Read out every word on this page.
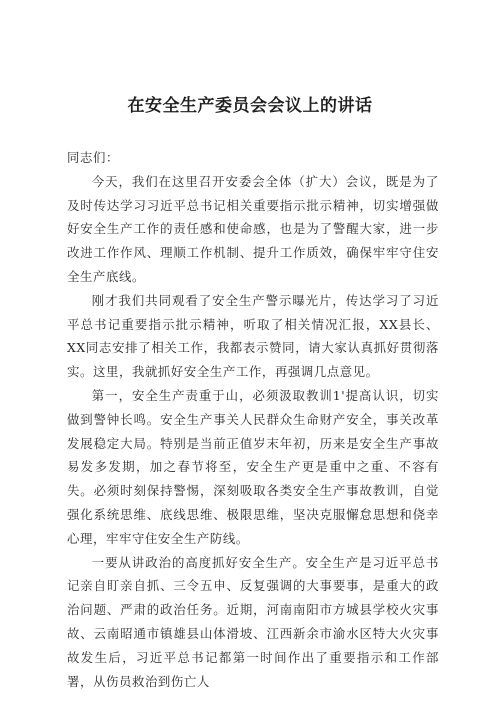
在安全生产委员会会议上的讲话

同志们：

今天，我们在这里召开安委会全体（扩大）会议，既是为了及时传达学习习近平总书记相关重要指示批示精神，切实增强做好安全生产工作的责任感和使命感，也是为了警醒大家，进一步改进工作作风、理顺工作机制、提升工作质效，确保牢牢守住安全生产底线。

刚才我们共同观看了安全生产警示曝光片，传达学习了习近平总书记重要指示批示精神，听取了相关情况汇报，XX县长、XX同志安排了相关工作，我都表示赞同，请大家认真抓好贯彻落实。这里，我就抓好安全生产工作，再强调几点意见。

第一，安全生产责重于山，必须汲取教训1'提高认识，切实做到警钟长鸣。安全生产事关人民群众生命财产安全，事关改革发展稳定大局。特别是当前正值岁末年初，历来是安全生产事故易发多发期，加之春节将至，安全生产更是重中之重、不容有失。必须时刻保持警惕，深刻吸取各类安全生产事故教训，自觉强化系统思维、底线思维、极限思维，坚决克服懈怠思想和侥幸心理，牢牢守住安全生产防线。

一要从讲政治的高度抓好安全生产。安全生产是习近平总书记亲自盯亲自抓、三令五申、反复强调的大事要事，是重大的政治问题、严肃的政治任务。近期，河南南阳市方城县学校火灾事故、云南昭通市镇雄县山体滑坡、江西新余市渝水区特大火灾事故发生后，习近平总书记都第一时间作出了重要指示和工作部署，从伤员救治到伤亡人
